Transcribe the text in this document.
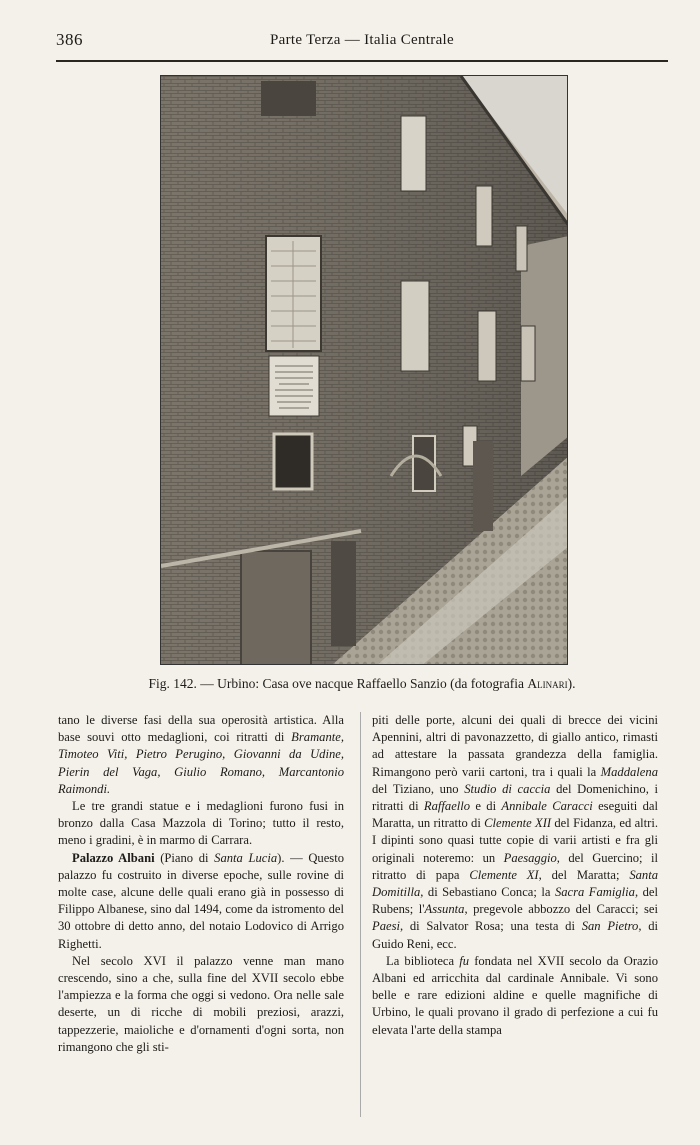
386	Parte Terza — Italia Centrale
Fig. 142. — Urbino: Casa ove nacque Raffaello Sanzio (da fotografia Alinari).

tano le diverse fasi della sua operosità artistica. Alla base souvi otto medaglioni, coi ritratti di Bramante, Timoteo Viti, Pietro Perugino, Giovanni da Udine, Pierin del Vaga, Giulio Romano, Marcantonio Raimondi.

Le tre grandi statue e i medaglioni furono fusi in bronzo dalla Casa Mazzola di Torino; tutto il resto, meno i gradini, è in marmo di Carrara.

Palazzo Albani (Piano di Santa Lucia). — Questo palazzo fu costruito in diverse epoche, sulle rovine di molte case, alcune delle quali erano già in possesso di Filippo Albanese, sino dal 1494, come da istromento del 30 ottobre di detto anno, del notaio Lodovico di Arrigo Righetti.

Nel secolo XVI il palazzo venne man mano crescendo, sino a che, sulla fine del XVII secolo ebbe l'ampiezza e la forma che oggi si vedono. Ora nelle sale deserte, un di ricche di mobili preziosi, arazzi, tappezzerie, maioliche e d'ornamenti d'ogni sorta, non rimangono che gli sti-

piti delle porte, alcuni dei quali di brecce dei vicini Apennini, altri di pavonazzetto, di giallo antico, rimasti ad attestare la passata grandezza della famiglia. Rimangono però varii cartoni, tra i quali la Maddalena del Tiziano, uno Studio di caccia del Domenichino, i ritratti di Raffaello e di Annibale Caracci eseguiti dal Maratta, un ritratto di Clemente XII del Fidanza, ed altri. I dipinti sono quasi tutte copie di varii artisti e fra gli originali noteremo: un Paesaggio, del Guercino; il ritratto di papa Clemente XI, del Maratta; Santa Domitilla, di Sebastiano Conca; la Sacra Famiglia, del Rubens; l'Assunta, pregevole abbozzo del Caracci; sei Paesi, di Salvator Rosa; una testa di San Pietro, di Guido Reni, ecc.

La biblioteca fu fondata nel XVII secolo da Orazio Albani ed arricchita dal cardinale Annibale. Vi sono belle e rare edizioni aldine e quelle magnifiche di Urbino, le quali provano il grado di perfezione a cui fu elevata l'arte della stampa
